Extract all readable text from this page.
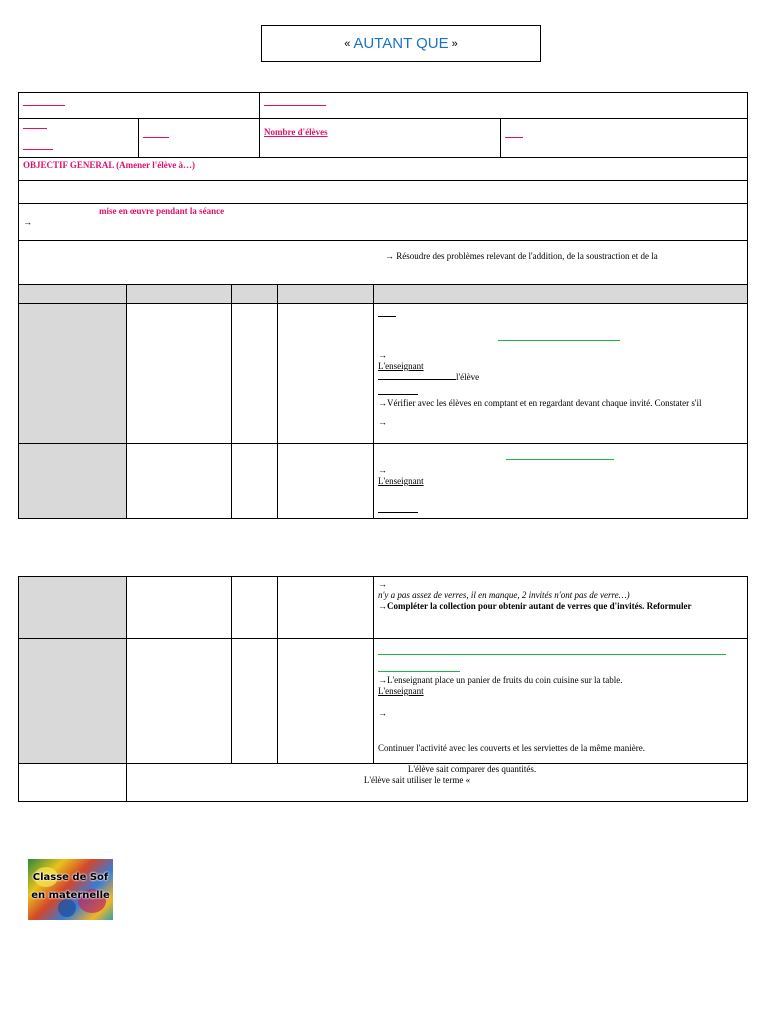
« AUTANT QUE »

		Nombre d'élèves	
OBJECTIF GENERAL (Amener l'élève à…)			

mise en œuvre pendant la séance
→			

→ Résoudre des problèmes relevant de l'addition, de la soustraction et de la			

				→
L'enseignant
l'élève
→Vérifier avec les élèves en comptant et en regardant devant chaque invité. Constater s'il
→

				→
L'enseignant

				→
n'y a pas assez de verres, il en manque, 2 invités n'ont pas de verre…)
→Compléter la collection pour obtenir autant de verres que d'invités. Reformuler

				→L'enseignant place un panier de fruits du coin cuisine sur la table.
L'enseignant
→
Continuer l'activité avec les couverts et les serviettes de la même manière.

	L'élève sait comparer des quantités.
L'élève sait utiliser le terme «			
Classe de Sof
en maternelle
